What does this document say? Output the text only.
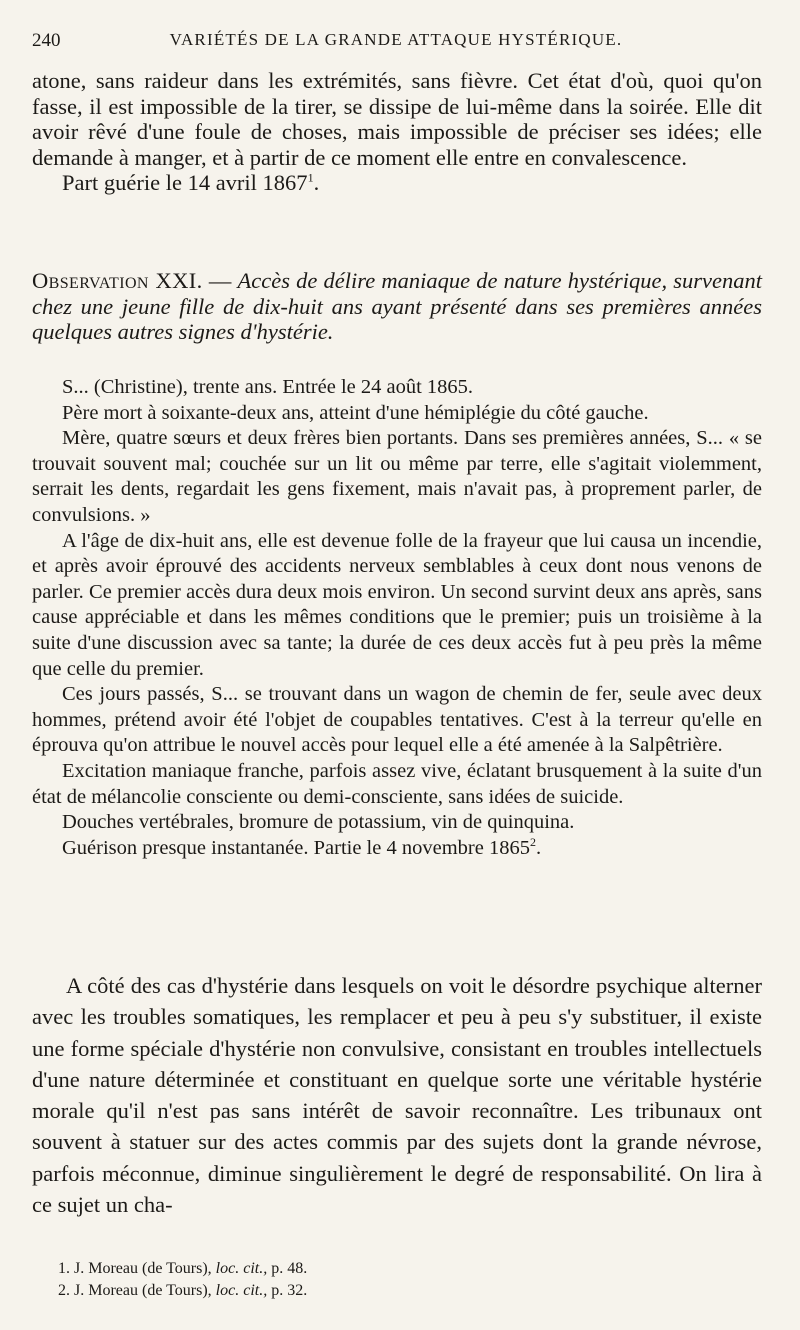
240	VARIÉTÉS DE LA GRANDE ATTAQUE HYSTÉRIQUE.

atone, sans raideur dans les extrémités, sans fièvre. Cet état d'où, quoi qu'on fasse, il est impossible de la tirer, se dissipe de lui-même dans la soirée. Elle dit avoir rêvé d'une foule de choses, mais impossible de préciser ses idées; elle demande à manger, et à partir de ce moment elle entre en convalescence.

Part guérie le 14 avril 1867$^1$.

Observation XXI. — Accès de délire maniaque de nature hystérique, survenant chez une jeune fille de dix-huit ans ayant présenté dans ses premières années quelques autres signes d'hystérie.

S... (Christine), trente ans. Entrée le 24 août 1865.

Père mort à soixante-deux ans, atteint d'une hémiplégie du côté gauche.

Mère, quatre sœurs et deux frères bien portants. Dans ses premières années, S... « se trouvait souvent mal; couchée sur un lit ou même par terre, elle s'agitait violemment, serrait les dents, regardait les gens fixement, mais n'avait pas, à proprement parler, de convulsions. »

A l'âge de dix-huit ans, elle est devenue folle de la frayeur que lui causa un incendie, et après avoir éprouvé des accidents nerveux semblables à ceux dont nous venons de parler. Ce premier accès dura deux mois environ. Un second survint deux ans après, sans cause appréciable et dans les mêmes conditions que le premier; puis un troisième à la suite d'une discussion avec sa tante; la durée de ces deux accès fut à peu près la même que celle du premier.

Ces jours passés, S... se trouvant dans un wagon de chemin de fer, seule avec deux hommes, prétend avoir été l'objet de coupables tentatives. C'est à la terreur qu'elle en éprouva qu'on attribue le nouvel accès pour lequel elle a été amenée à la Salpêtrière.

Excitation maniaque franche, parfois assez vive, éclatant brusquement à la suite d'un état de mélancolie consciente ou demi-consciente, sans idées de suicide.

Douches vertébrales, bromure de potassium, vin de quinquina.

Guérison presque instantanée. Partie le 4 novembre 1865$^2$.

A côté des cas d'hystérie dans lesquels on voit le désordre psychique alterner avec les troubles somatiques, les remplacer et peu à peu s'y substituer, il existe une forme spéciale d'hystérie non convulsive, consistant en troubles intellectuels d'une nature déterminée et constituant en quelque sorte une véritable hystérie morale qu'il n'est pas sans intérêt de savoir reconnaître. Les tribunaux ont souvent à statuer sur des actes commis par des sujets dont la grande névrose, parfois méconnue, diminue singulièrement le degré de responsabilité. On lira à ce sujet un cha-

1. J. Moreau (de Tours), loc. cit., p. 48.
2. J. Moreau (de Tours), loc. cit., p. 32.
